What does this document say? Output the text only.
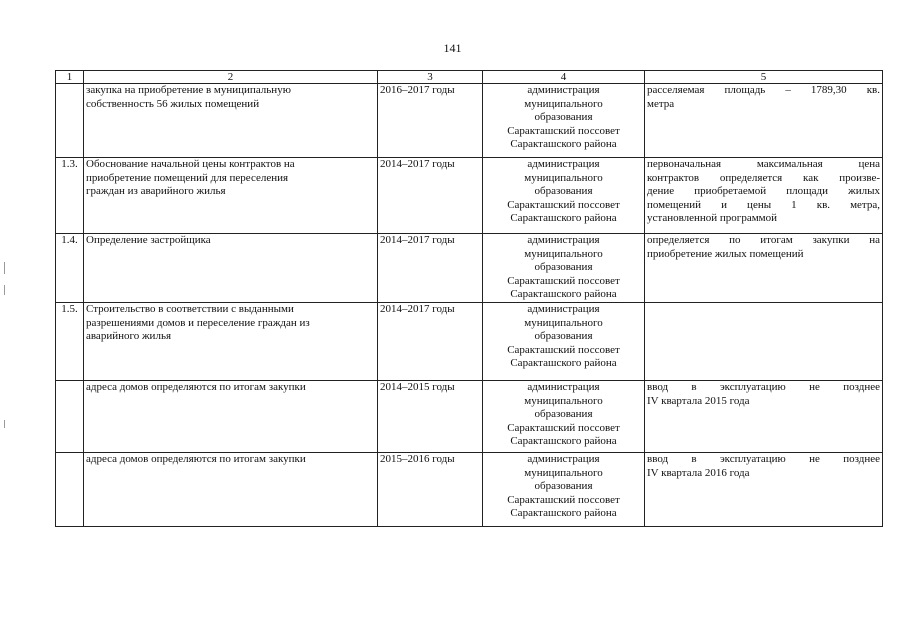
141
1	2	3	4	5

	закупка на приобретение в муниципальную
собственность 56 жилых помещений	2016–2017 годы	администрация
муниципального
образования
Саракташский поссовет
Саракташского района	расселяемая площадь – 1789,30 кв.
метра

1.3.	Обоснование начальной цены контрактов на
приобретение помещений для переселения
граждан из аварийного жилья	2014–2017 годы	администрация
муниципального
образования
Саракташский поссовет
Саракташского района	первоначальная максимальная цена
контрактов определяется как произве-
дение приобретаемой площади жилых
помещений и цены 1 кв. метра,
установленной программой

1.4.	Определение застройщика	2014–2017 годы	администрация
муниципального
образования
Саракташский поссовет
Саракташского района	определяется по итогам закупки на
приобретение жилых помещений

1.5.	Строительство в соответствии с выданными
разрешениями домов и переселение граждан из
аварийного жилья	2014–2017 годы	администрация
муниципального
образования
Саракташский поссовет
Саракташского района	

	адреса домов определяются по итогам закупки	2014–2015 годы	администрация
муниципального
образования
Саракташский поссовет
Саракташского района	ввод в эксплуатацию не позднее
IV квартала 2015 года

	адреса домов определяются по итогам закупки	2015–2016 годы	администрация
муниципального
образования
Саракташский поссовет
Саракташского района	ввод в эксплуатацию не позднее
IV квартала 2016 года
